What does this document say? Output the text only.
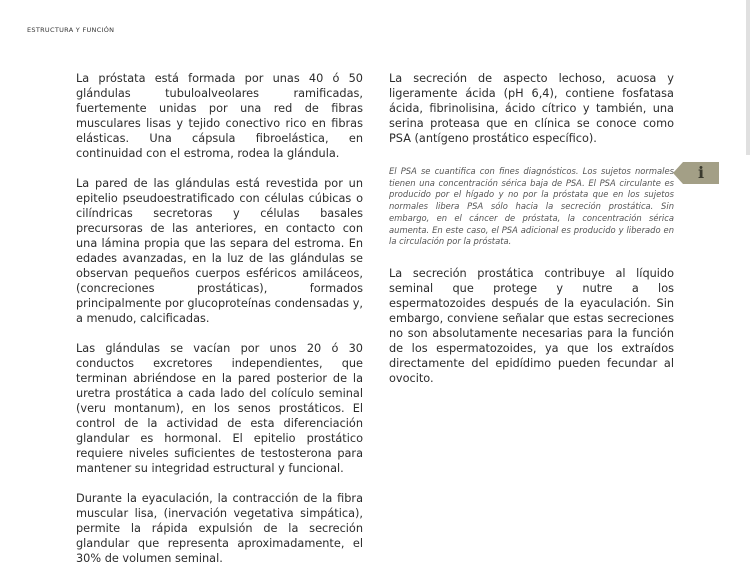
ESTRUCTURA Y FUNCIÓN

La próstata está formada por unas 40 ó 50 glándulas tubuloalveolares ramificadas, fuertemente unidas por una red de fibras musculares lisas y tejido conectivo rico en fibras elásticas. Una cápsula fibroelástica, en continuidad con el estroma, rodea la glándula.

La pared de las glándulas está revestida por un epitelio pseudoestratificado con células cúbicas o cilíndricas secretoras y células basales precursoras de las anteriores, en contacto con una lámina propia que las separa del estroma. En edades avanzadas, en la luz de las glándulas se observan pequeños cuerpos esféricos amiláceos, (concreciones prostáticas), formados principalmente por glucoproteínas condensadas y, a menudo, calcificadas.

Las glándulas se vacían por unos 20 ó 30 conductos excretores independientes, que terminan abriéndose en la pared posterior de la uretra prostática a cada lado del colículo seminal (veru montanum), en los senos prostáticos. El control de la actividad de esta diferenciación glandular es hormonal. El epitelio prostático requiere niveles suficientes de testosterona para mantener su integridad estructural y funcional.

Durante la eyaculación, la contracción de la fibra muscular lisa, (inervación vegetativa simpática), permite la rápida expulsión de la secreción glandular que representa aproximadamente, el 30% de volumen seminal.

La secreción de aspecto lechoso, acuosa y ligeramente ácida (pH 6,4), contiene fosfatasa ácida, fibrinolisina, ácido cítrico y también, una serina proteasa que en clínica se conoce como PSA (antígeno prostático específico).

El PSA se cuantifica con fines diagnósticos. Los sujetos normales tienen una concentración sérica baja de PSA. El PSA circulante es producido por el hígado y no por la próstata que en los sujetos normales libera PSA sólo hacia la secreción prostática. Sin embargo, en el cáncer de próstata, la concentración sérica aumenta. En este caso, el PSA adicional es producido y liberado en la circulación por la próstata.

La secreción prostática contribuye al líquido seminal que protege y nutre a los espermatozoides después de la eyaculación. Sin embargo, conviene señalar que estas secreciones no son absolutamente necesarias para la función de los espermatozoides, ya que los extraídos directamente del epidídimo pueden fecundar al ovocito.

i
